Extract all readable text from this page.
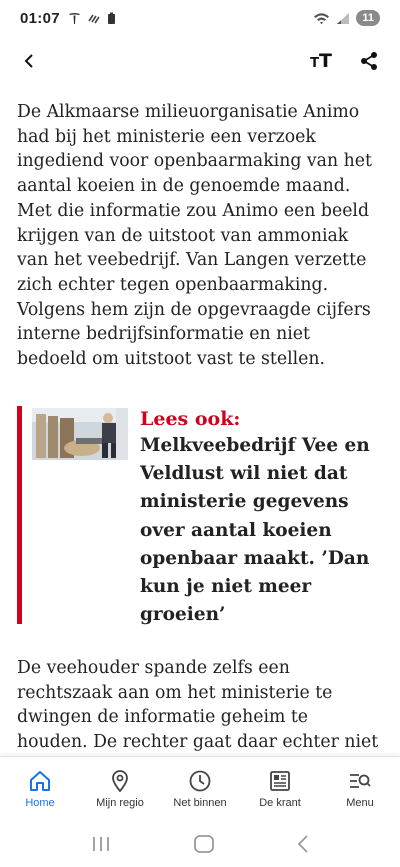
01:07	11
TT

De Alkmaarse milieuorganisatie Animo had bij het ministerie een verzoek ingediend voor openbaarmaking van het aantal koeien in de genoemde maand. Met die informatie zou Animo een beeld krijgen van de uitstoot van ammoniak van het veebedrijf. Van Langen verzette zich echter tegen openbaarmaking. Volgens hem zijn de opgevraagde cijfers interne bedrijfsinformatie en niet bedoeld om uitstoot vast te stellen.

Lees ook:
Melkveebedrijf Vee en Veldlust wil niet dat ministerie gegevens over aantal koeien openbaar maakt. ’Dan kun je niet meer groeien’

De veehouder spande zelfs een rechtszaak aan om het ministerie te dwingen de informatie geheim te houden. De rechter gaat daar echter niet

Home	Mijn regio	Net binnen	De krant	Menu
